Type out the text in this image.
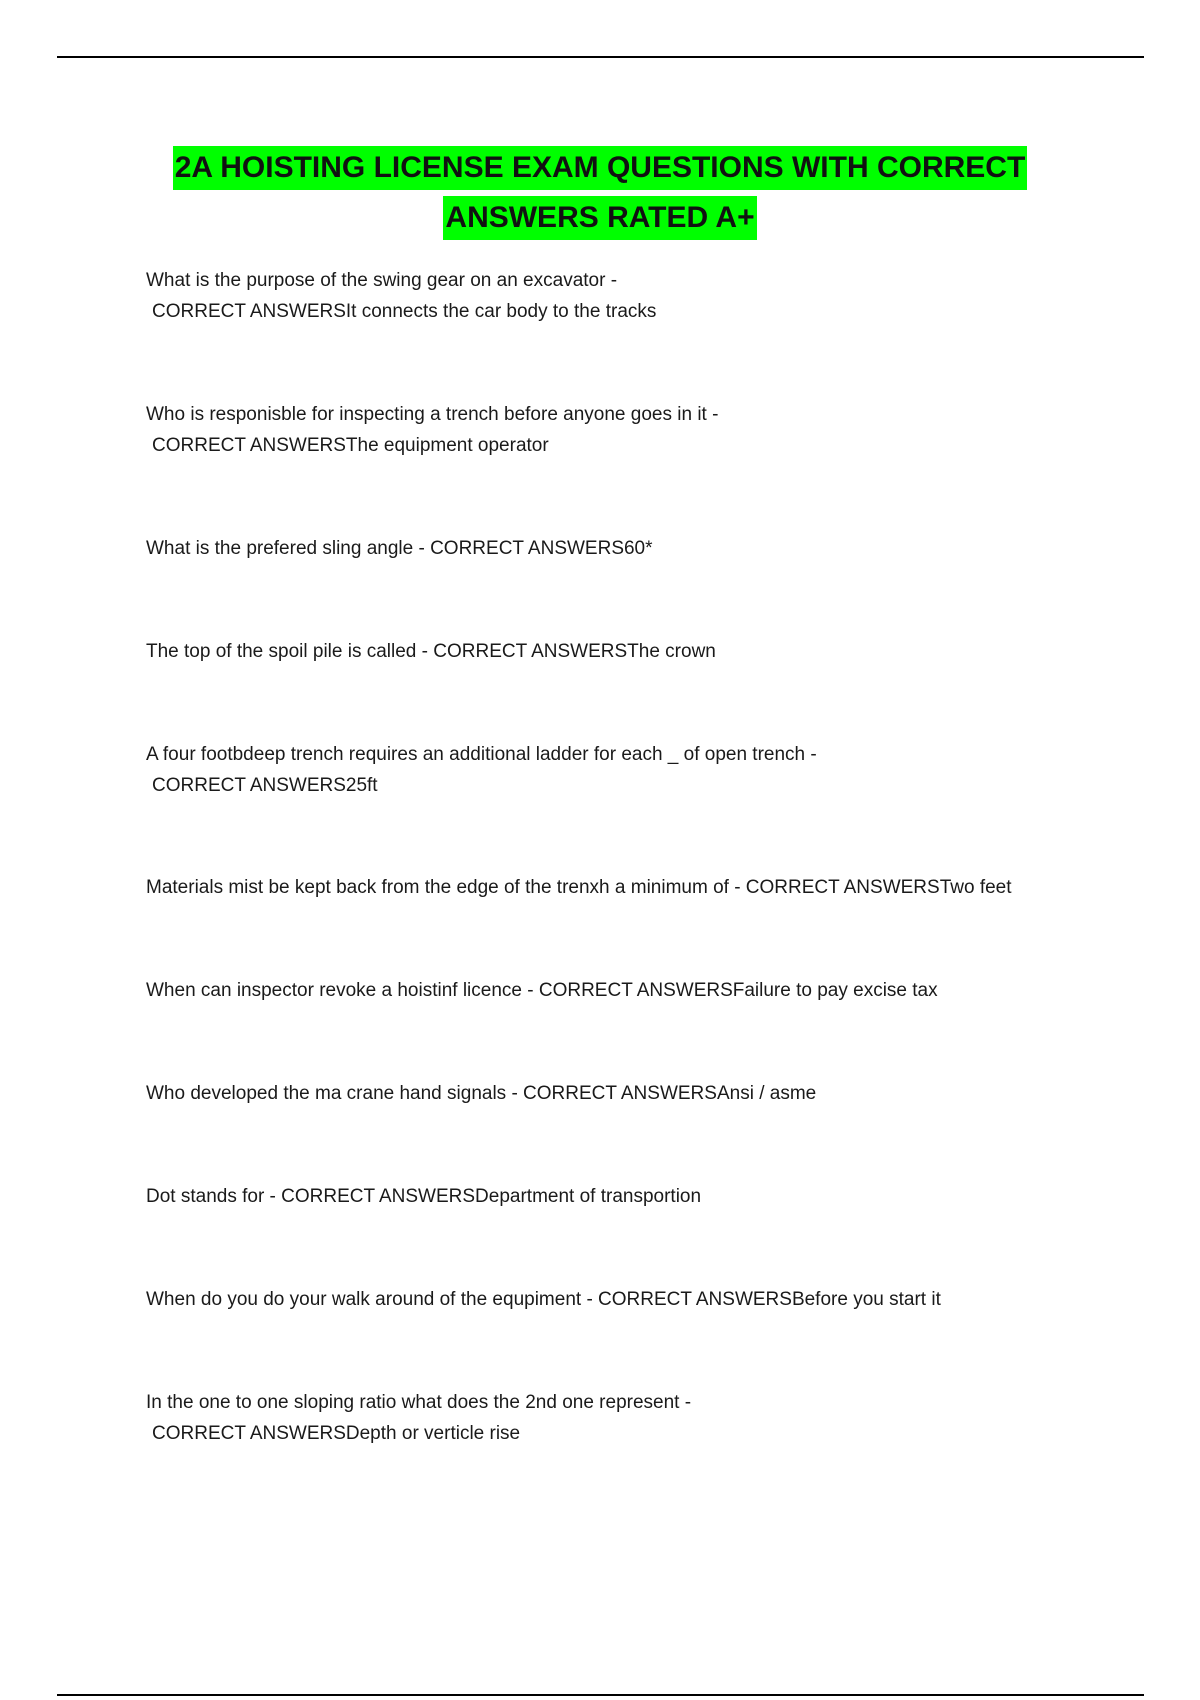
2A HOISTING LICENSE EXAM QUESTIONS WITH CORRECT
ANSWERS RATED A+
What is the purpose of the swing gear on an excavator -
CORRECT ANSWERSIt connects the car body to the tracks
Who is responisble for inspecting a trench before anyone goes in it -
CORRECT ANSWERSThe equipment operator
What is the prefered sling angle - CORRECT ANSWERS60*
The top of the spoil pile is called - CORRECT ANSWERSThe crown
A four footbdeep trench requires an additional ladder for each _ of open trench -
CORRECT ANSWERS25ft
Materials mist be kept back from the edge of the trenxh a minimum of - CORRECT ANSWERSTwo feet
When can inspector revoke a hoistinf licence - CORRECT ANSWERSFailure to pay excise tax
Who developed the ma crane hand signals - CORRECT ANSWERSAnsi / asme
Dot stands for - CORRECT ANSWERSDepartment of transportion
When do you do your walk around of the equpiment - CORRECT ANSWERSBefore you start it
In the one to one sloping ratio what does the 2nd one represent -
CORRECT ANSWERSDepth or verticle rise
